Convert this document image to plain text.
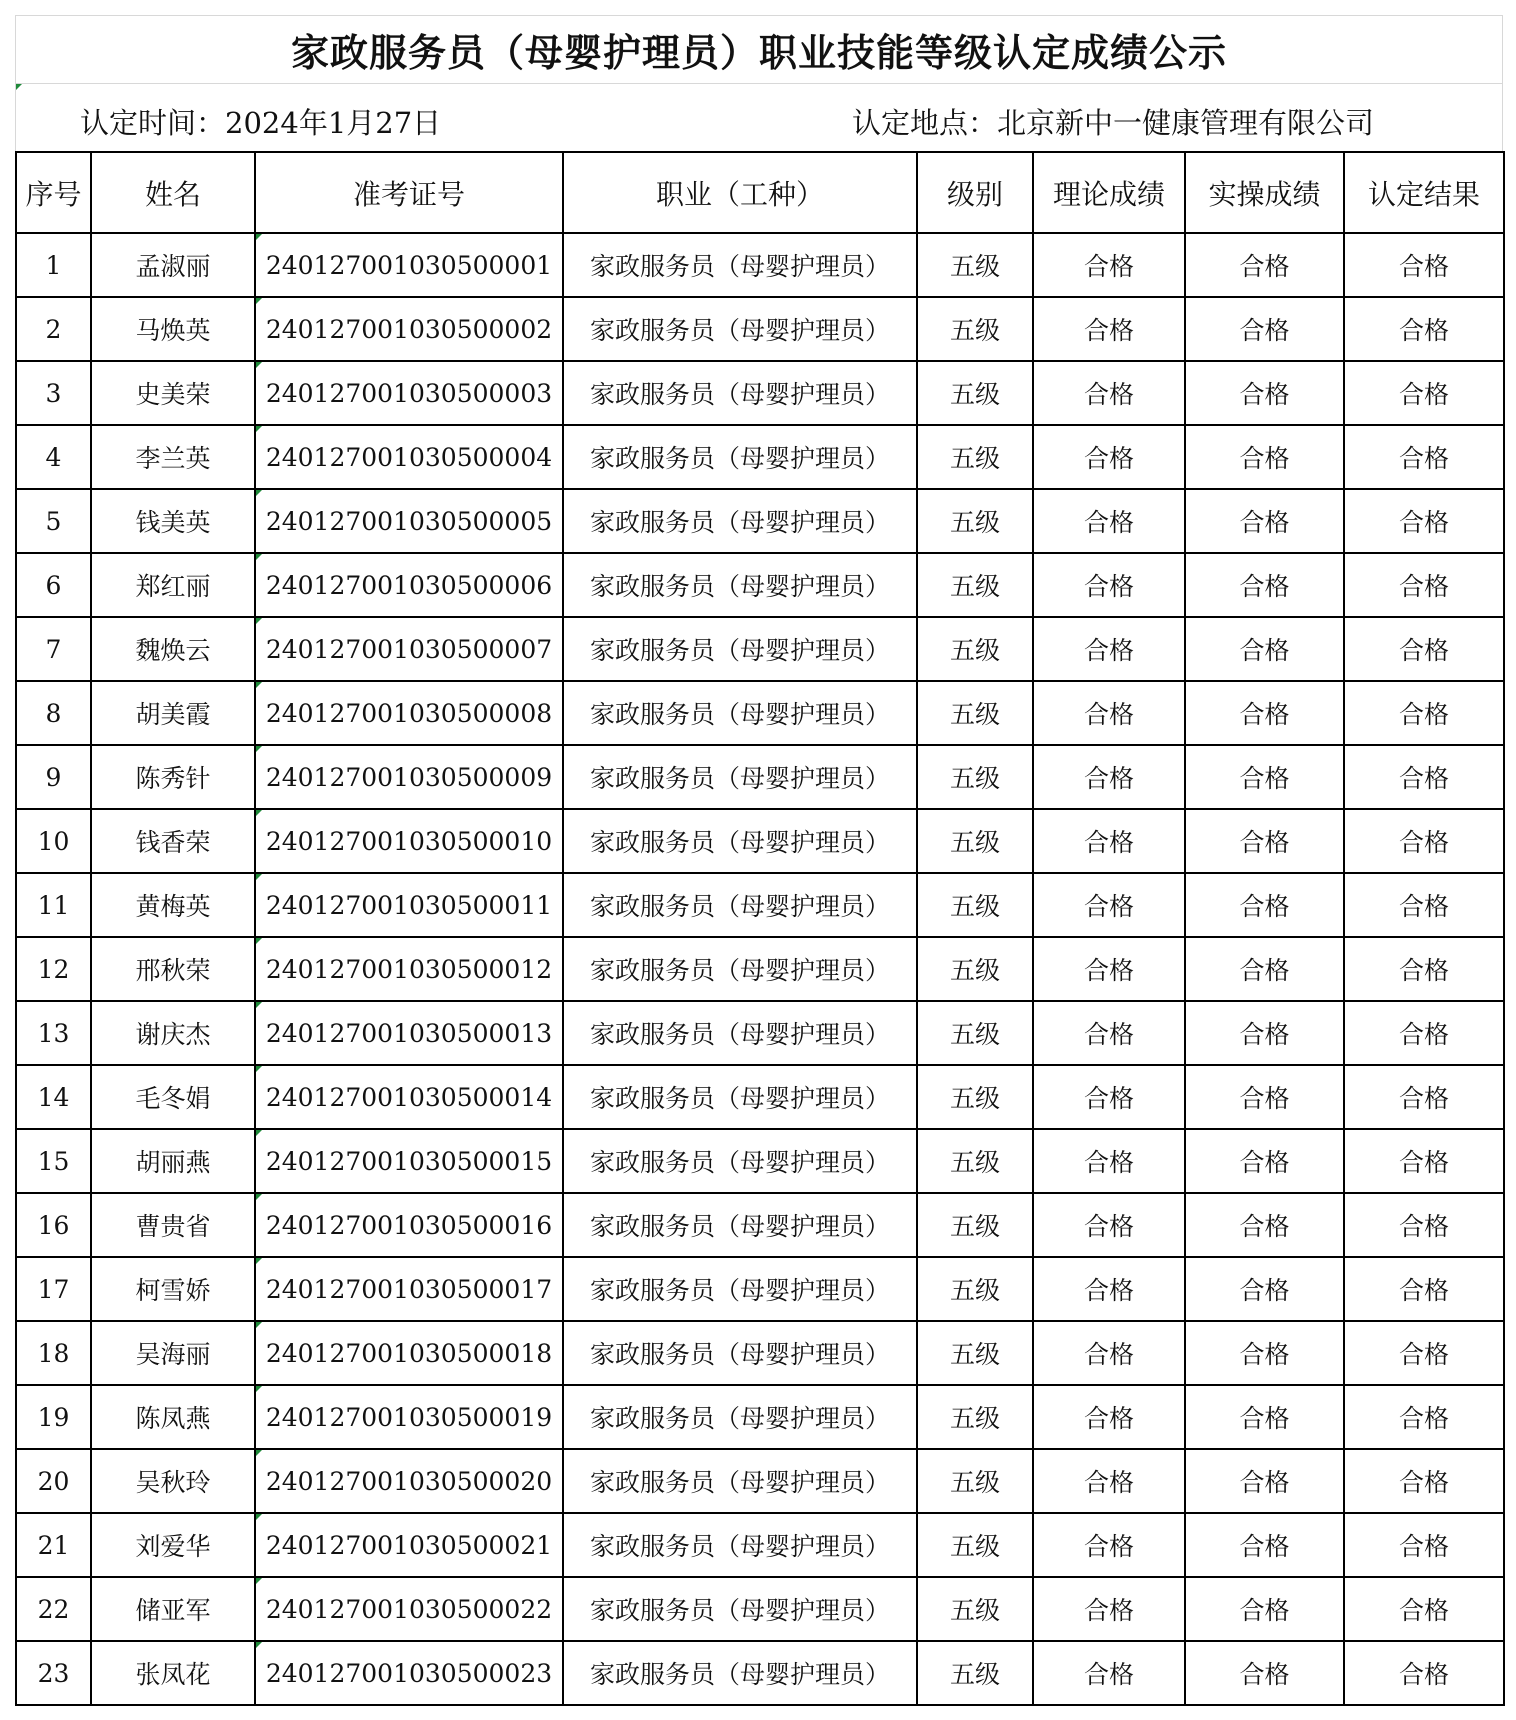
家政服务员（母婴护理员）职业技能等级认定成绩公示
认定时间： 2024年1月27日	认定地点： 北京新中一健康管理有限公司
序号	姓名	准考证号	职业（工种）	级别	理论成绩	实操成绩	认定结果
1	孟淑丽	240127001030500001	家政服务员（母婴护理员）	五级	合格	合格	合格
2	马焕英	240127001030500002	家政服务员（母婴护理员）	五级	合格	合格	合格
3	史美荣	240127001030500003	家政服务员（母婴护理员）	五级	合格	合格	合格
4	李兰英	240127001030500004	家政服务员（母婴护理员）	五级	合格	合格	合格
5	钱美英	240127001030500005	家政服务员（母婴护理员）	五级	合格	合格	合格
6	郑红丽	240127001030500006	家政服务员（母婴护理员）	五级	合格	合格	合格
7	魏焕云	240127001030500007	家政服务员（母婴护理员）	五级	合格	合格	合格
8	胡美霞	240127001030500008	家政服务员（母婴护理员）	五级	合格	合格	合格
9	陈秀针	240127001030500009	家政服务员（母婴护理员）	五级	合格	合格	合格
10	钱香荣	240127001030500010	家政服务员（母婴护理员）	五级	合格	合格	合格
11	黄梅英	240127001030500011	家政服务员（母婴护理员）	五级	合格	合格	合格
12	邢秋荣	240127001030500012	家政服务员（母婴护理员）	五级	合格	合格	合格
13	谢庆杰	240127001030500013	家政服务员（母婴护理员）	五级	合格	合格	合格
14	毛冬娟	240127001030500014	家政服务员（母婴护理员）	五级	合格	合格	合格
15	胡丽燕	240127001030500015	家政服务员（母婴护理员）	五级	合格	合格	合格
16	曹贵省	240127001030500016	家政服务员（母婴护理员）	五级	合格	合格	合格
17	柯雪娇	240127001030500017	家政服务员（母婴护理员）	五级	合格	合格	合格
18	吴海丽	240127001030500018	家政服务员（母婴护理员）	五级	合格	合格	合格
19	陈凤燕	240127001030500019	家政服务员（母婴护理员）	五级	合格	合格	合格
20	吴秋玲	240127001030500020	家政服务员（母婴护理员）	五级	合格	合格	合格
21	刘爱华	240127001030500021	家政服务员（母婴护理员）	五级	合格	合格	合格
22	储亚军	240127001030500022	家政服务员（母婴护理员）	五级	合格	合格	合格
23	张凤花	240127001030500023	家政服务员（母婴护理员）	五级	合格	合格	合格
